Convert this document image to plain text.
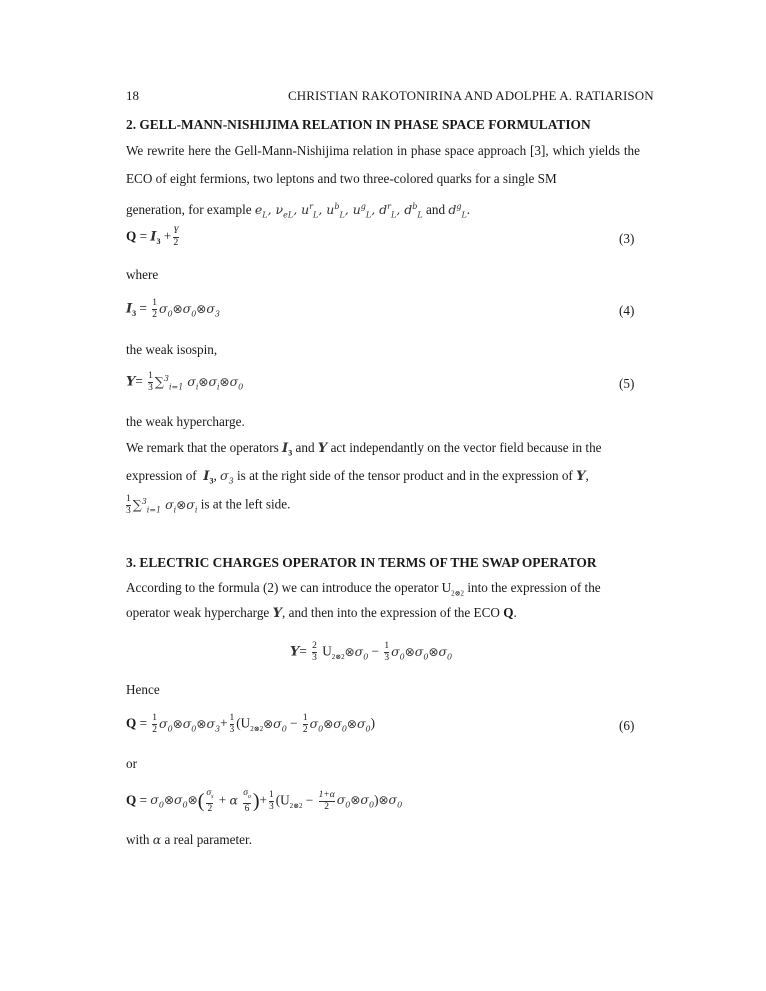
18	CHRISTIAN RAKOTONIRINA AND ADOLPHE A. RATIARISON
2. GELL-MANN-NISHIJIMA RELATION IN PHASE SPACE FORMULATION
We rewrite here the Gell-Mann-Nishijima relation in phase space approach [3], which yields the ECO of eight fermions, two leptons and two three-colored quarks for a single SM
generation, for example $e_L$, $\nu_{eL}$, $u^r_L$, $u^b_L$, $u^g_L$, $d^r_L$, $d^b_L$ and $d^g_L$.
$Q = I_3 + \frac{Y}{2}$	(3)
where
$I_3 = \frac{1}{2}$ $\sigma_0\otimes\sigma_0\otimes\sigma_3$	(4)
the weak isospin,
$Y= \frac{1}{3} \sum^3_{i=1}$ $\sigma_i\otimes\sigma_i\otimes\sigma_0$	(5)
the weak hypercharge.
We remark that the operators $I_3$ and Y act independantly on the vector field because in the
expression of $I_3$, $\sigma_3$ is at the right side of the tensor product and in the expression of Y,
$\frac{1}{3} \sum^3_{i=1}$ $\sigma_i\otimes\sigma_i$ is at the left side.
3. ELECTRIC CHARGES OPERATOR IN TERMS OF THE SWAP OPERATOR
According to the formula (2) we can introduce the operator $U_{2\otimes 2}$ into the expression of the
operator weak hypercharge Y, and then into the expression of the ECO Q.
$Y= \frac{2}{3}$ $U_{2\otimes 2}\otimes\sigma_0 - \frac{1}{3}$ $\sigma_0\otimes\sigma_0\otimes\sigma_0$
Hence
$Q = \frac{1}{2}$ $\sigma_0\otimes\sigma_0\otimes\sigma_3+ \frac{1}{3}$ ($U_{2\otimes 2}\otimes\sigma_0 - \frac{1}{2}$ $\sigma_0\otimes\sigma_0\otimes\sigma_0$)	(6)
or
$Q = \sigma_0\otimes\sigma_0\otimes( \frac{\sigma_s}{2} + \alpha \frac{\sigma_o}{6}$ )+ $\frac{1}{3} (U_{2\otimes 2} - \frac{1+\alpha}{2}$ $\sigma_0\otimes\sigma_0)\otimes\sigma_0$
with α a real parameter.
